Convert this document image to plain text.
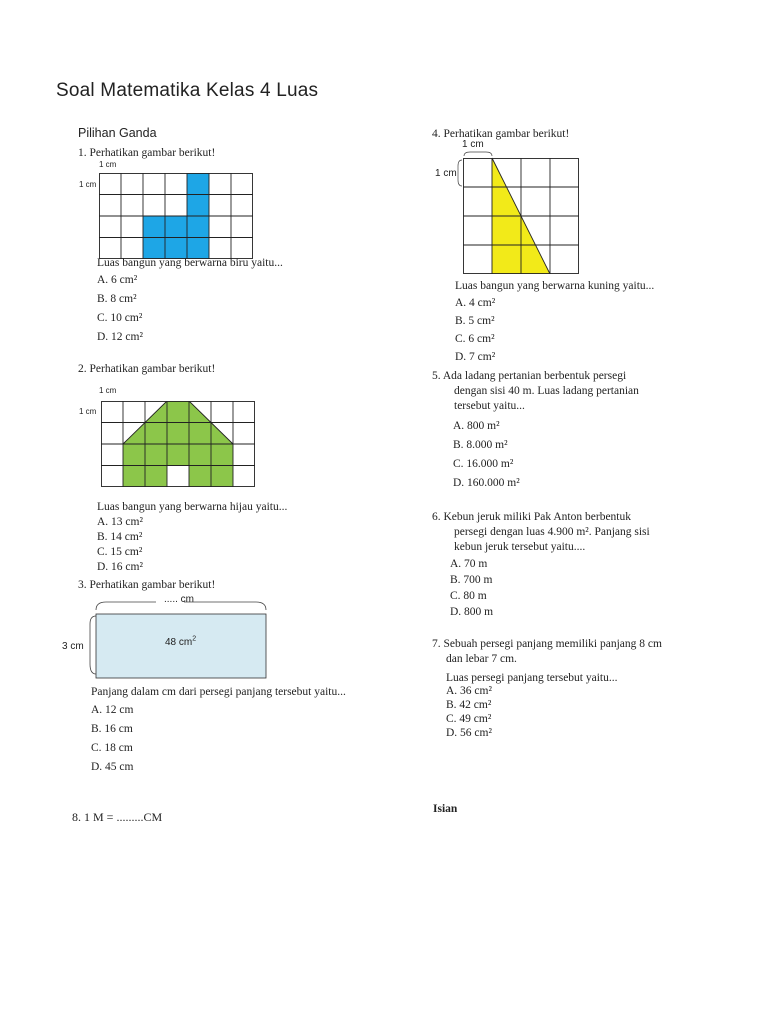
Soal Matematika Kelas 4 Luas
Pilihan Ganda
1. Perhatikan gambar berikut!
1 cm
1 cm
Luas bangun yang berwarna biru yaitu...
A. 6 cm²
B. 8 cm²
C. 10 cm²
D. 12 cm²
2. Perhatikan gambar berikut!
1 cm
1 cm
Luas bangun yang berwarna hijau yaitu...
A. 13 cm²
B. 14 cm²
C. 15 cm²
D. 16 cm²
3. Perhatikan gambar berikut!
..... cm
3 cm	48 $cm^2$
Panjang dalam cm dari persegi panjang tersebut yaitu...
A. 12 cm
B. 16 cm
C. 18 cm
D. 45 cm
8. 1 M = .........CM
4. Perhatikan gambar berikut!
1 cm
1 cm
Luas bangun yang berwarna kuning yaitu...
A. 4 cm²
B. 5 cm²
C. 6 cm²
D. 7 cm²
5. Ada ladang pertanian berbentuk persegi
dengan sisi 40 m. Luas ladang pertanian
tersebut yaitu...
A. 800 m²
B. 8.000 m²
C. 16.000 m²
D. 160.000 m²
6. Kebun jeruk miliki Pak Anton berbentuk
persegi dengan luas 4.900 m². Panjang sisi
kebun jeruk tersebut yaitu....
A. 70 m
B. 700 m
C. 80 m
D. 800 m
7. Sebuah persegi panjang memiliki panjang 8 cm
dan lebar 7 cm.
Luas persegi panjang tersebut yaitu...
A. 36 cm²
B. 42 cm²
C. 49 cm²
D. 56 cm²
Isian
